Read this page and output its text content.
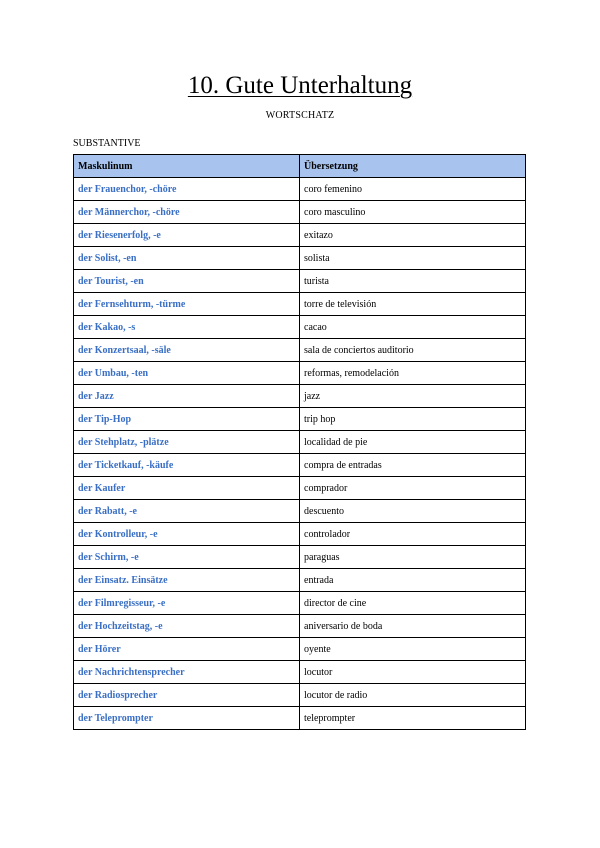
10. Gute Unterhaltung
WORTSCHATZ
SUBSTANTIVE
Maskulinum	Übersetzung
der Frauenchor, -chöre	coro femenino
der Männerchor, -chöre	coro masculino
der Riesenerfolg, -e	exitazo
der Solist, -en	solista
der Tourist, -en	turista
der Fernsehturm, -türme	torre de televisión
der Kakao, -s	cacao
der Konzertsaal, -säle	sala de conciertos auditorio
der Umbau, -ten	reformas, remodelación
der Jazz	jazz
der Tip-Hop	trip hop
der Stehplatz, -plätze	localidad de pie
der Ticketkauf, -käufe	compra de entradas
der Kaufer	comprador
der Rabatt, -e	descuento
der Kontrolleur, -e	controlador
der Schirm, -e	paraguas
der Einsatz. Einsätze	entrada
der Filmregisseur, -e	director de cine
der Hochzeitstag, -e	aniversario de boda
der Hörer	oyente
der Nachrichtensprecher	locutor
der Radiosprecher	locutor de radio
der Teleprompter	teleprompter
